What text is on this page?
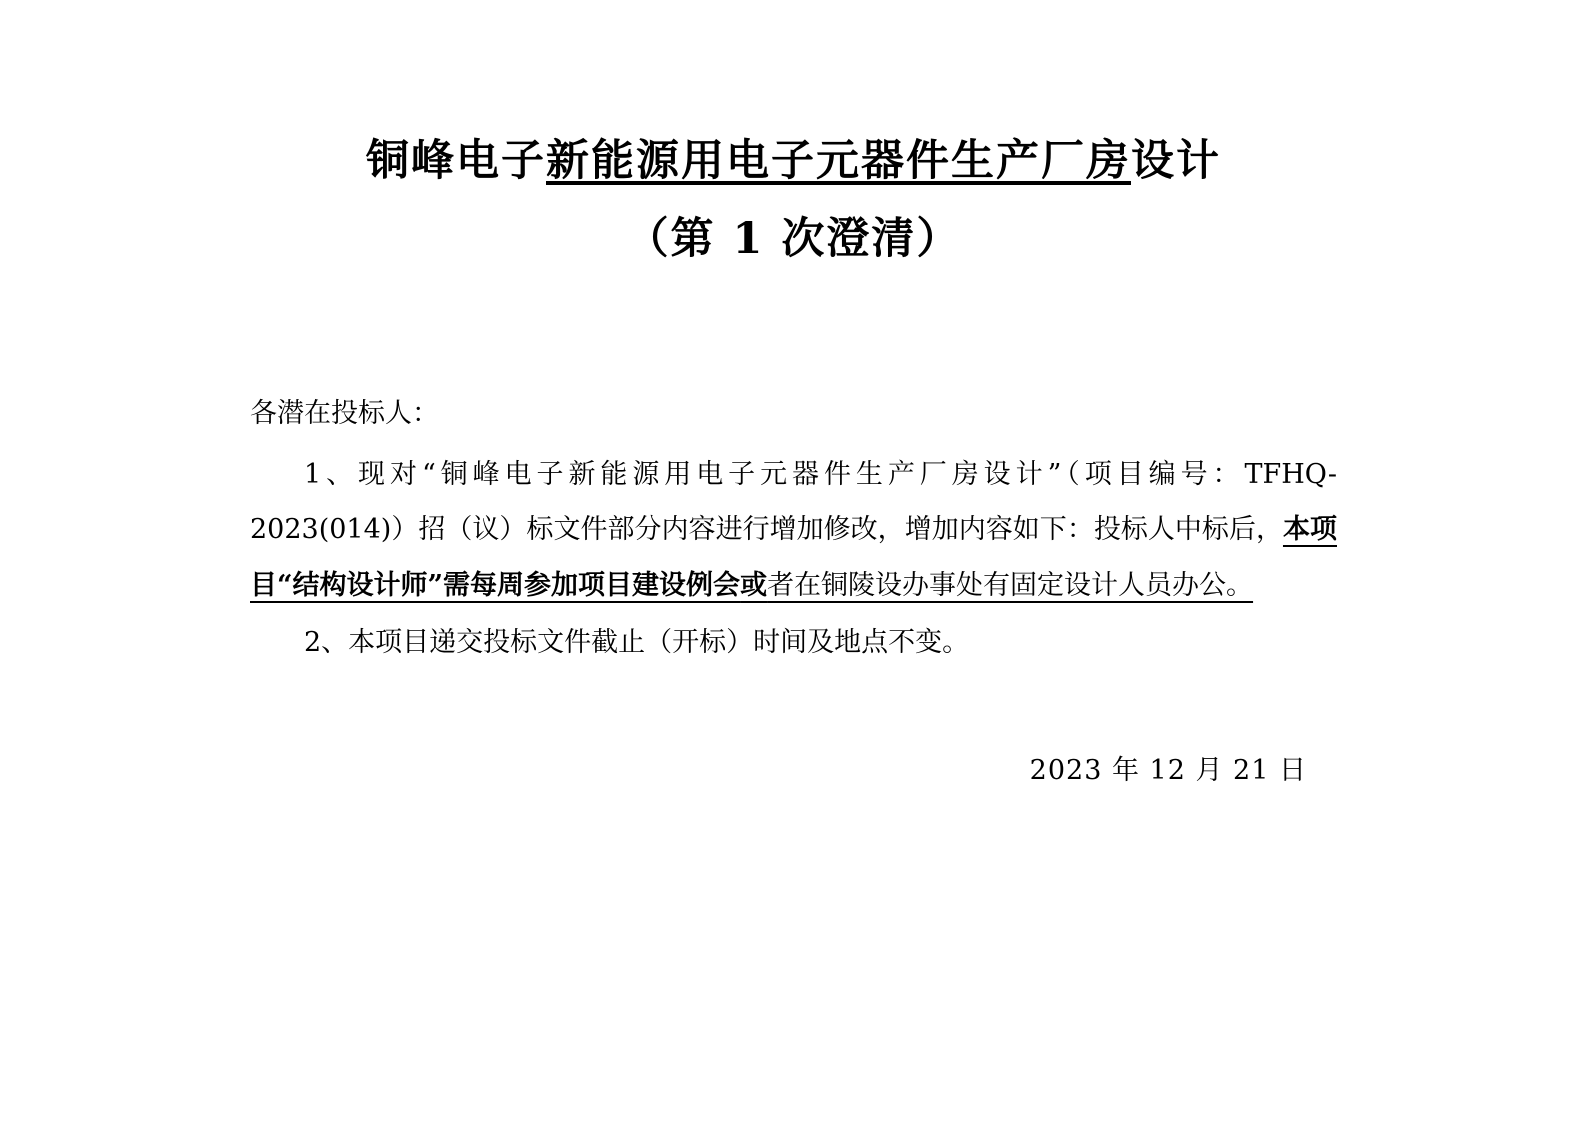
铜峰电子新能源用电子元器件生产厂房设计
（第 1 次澄清）

各潜在投标人：

1、现对“铜峰电子新能源用电子元器件生产厂房设计”（项目编号：TFHQ-2023(014)）招（议）标文件部分内容进行增加修改，增加内容如下：投标人中标后，本项目“结构设计师”需每周参加项目建设例会或者在铜陵设办事处有固定设计人员办公。

2、本项目递交投标文件截止（开标）时间及地点不变。

2023 年 12 月 21 日
